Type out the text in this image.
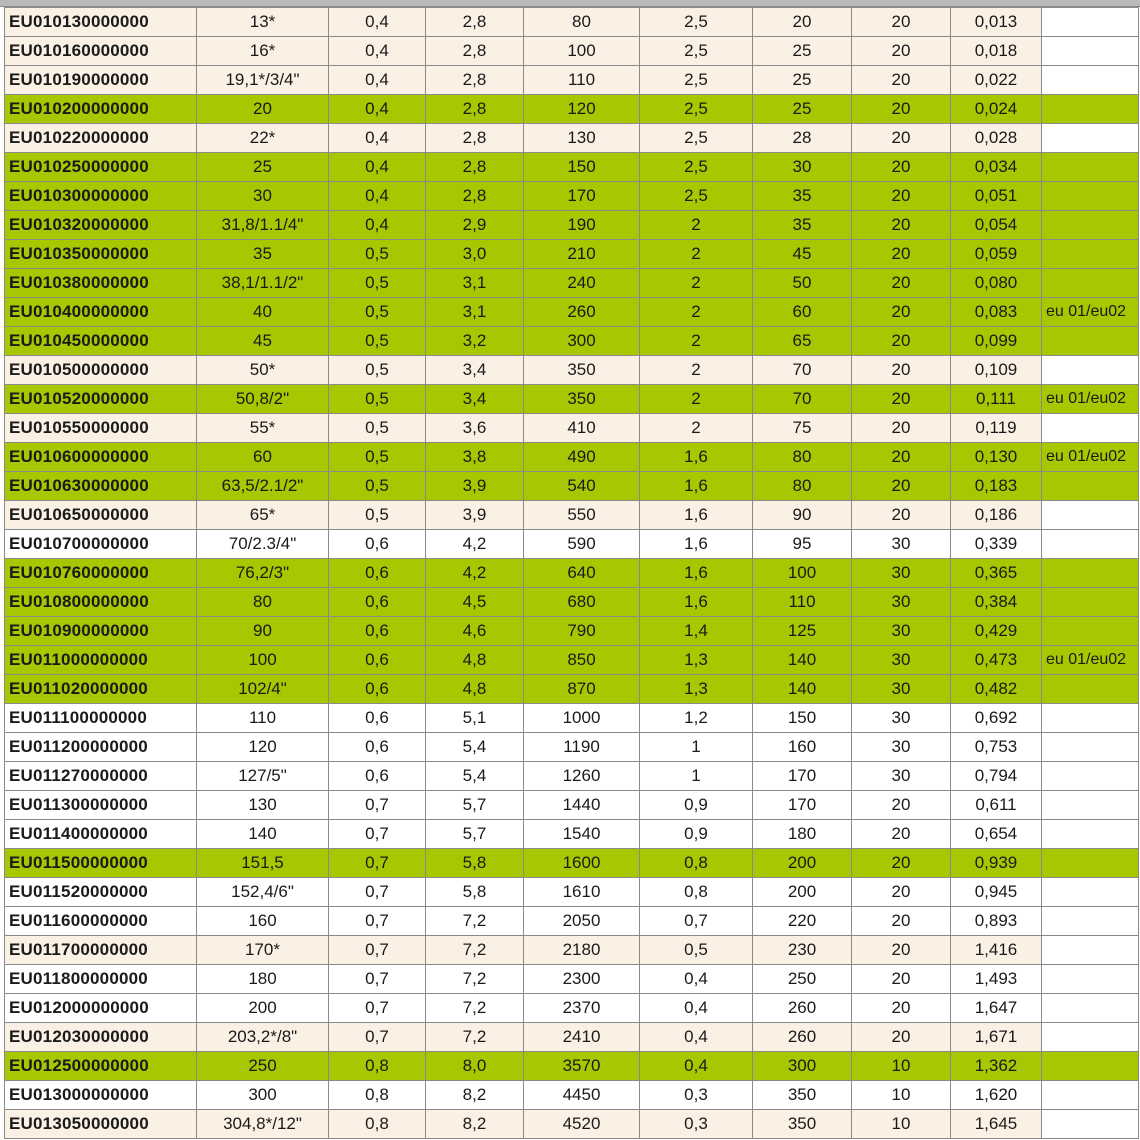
EU010130000000	13*	0,4	2,8	80	2,5	20	20	0,013	
EU010160000000	16*	0,4	2,8	100	2,5	25	20	0,018	
EU010190000000	19,1*/3/4"	0,4	2,8	110	2,5	25	20	0,022	
EU010200000000	20	0,4	2,8	120	2,5	25	20	0,024	
EU010220000000	22*	0,4	2,8	130	2,5	28	20	0,028	
EU010250000000	25	0,4	2,8	150	2,5	30	20	0,034	
EU010300000000	30	0,4	2,8	170	2,5	35	20	0,051	
EU010320000000	31,8/1.1/4"	0,4	2,9	190	2	35	20	0,054	
EU010350000000	35	0,5	3,0	210	2	45	20	0,059	
EU010380000000	38,1/1.1/2"	0,5	3,1	240	2	50	20	0,080	
EU010400000000	40	0,5	3,1	260	2	60	20	0,083	eu 01/eu02
EU010450000000	45	0,5	3,2	300	2	65	20	0,099	
EU010500000000	50*	0,5	3,4	350	2	70	20	0,109	
EU010520000000	50,8/2"	0,5	3,4	350	2	70	20	0,111	eu 01/eu02
EU010550000000	55*	0,5	3,6	410	2	75	20	0,119	
EU010600000000	60	0,5	3,8	490	1,6	80	20	0,130	eu 01/eu02
EU010630000000	63,5/2.1/2"	0,5	3,9	540	1,6	80	20	0,183	
EU010650000000	65*	0,5	3,9	550	1,6	90	20	0,186	
EU010700000000	70/2.3/4"	0,6	4,2	590	1,6	95	30	0,339	
EU010760000000	76,2/3"	0,6	4,2	640	1,6	100	30	0,365	
EU010800000000	80	0,6	4,5	680	1,6	110	30	0,384	
EU010900000000	90	0,6	4,6	790	1,4	125	30	0,429	
EU011000000000	100	0,6	4,8	850	1,3	140	30	0,473	eu 01/eu02
EU011020000000	102/4"	0,6	4,8	870	1,3	140	30	0,482	
EU011100000000	110	0,6	5,1	1000	1,2	150	30	0,692	
EU011200000000	120	0,6	5,4	1190	1	160	30	0,753	
EU011270000000	127/5"	0,6	5,4	1260	1	170	30	0,794	
EU011300000000	130	0,7	5,7	1440	0,9	170	20	0,611	
EU011400000000	140	0,7	5,7	1540	0,9	180	20	0,654	
EU011500000000	151,5	0,7	5,8	1600	0,8	200	20	0,939	
EU011520000000	152,4/6"	0,7	5,8	1610	0,8	200	20	0,945	
EU011600000000	160	0,7	7,2	2050	0,7	220	20	0,893	
EU011700000000	170*	0,7	7,2	2180	0,5	230	20	1,416	
EU011800000000	180	0,7	7,2	2300	0,4	250	20	1,493	
EU012000000000	200	0,7	7,2	2370	0,4	260	20	1,647	
EU012030000000	203,2*/8"	0,7	7,2	2410	0,4	260	20	1,671	
EU012500000000	250	0,8	8,0	3570	0,4	300	10	1,362	
EU013000000000	300	0,8	8,2	4450	0,3	350	10	1,620	
EU013050000000	304,8*/12"	0,8	8,2	4520	0,3	350	10	1,645	
